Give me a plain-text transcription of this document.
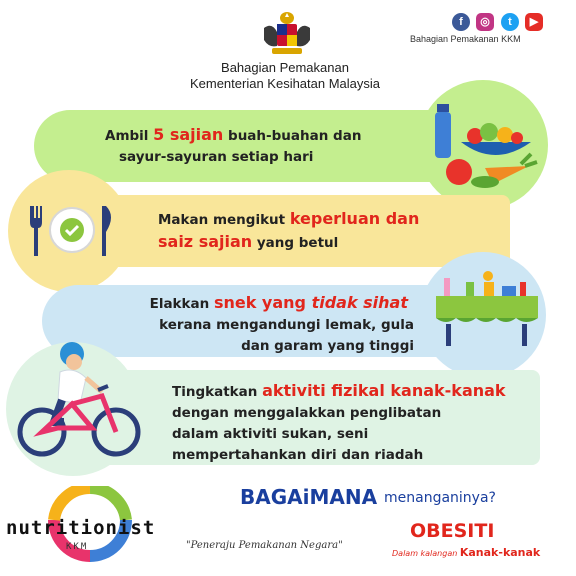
f	◎	t	▶
Bahagian Pemakanan KKM
Bahagian Pemakanan
Kementerian Kesihatan Malaysia
Ambil 5 sajian buah-buahan dan
sayur-sayuran setiap hari
Makan mengikut keperluan dan
saiz sajian yang betul
Elakkan snek yang tidak sihat
kerana mengandungi lemak, gula
dan garam yang tinggi
Tingkatkan aktiviti fizikal kanak-kanak
dengan menggalakkan penglibatan
dalam aktiviti sukan, seni
mempertahankan diri dan riadah
nutritionist
KKM	"Peneraju Pemakanan Negara"
BAGAiMANA menanganinya?
OBESITI
Dalam kalangan Kanak-kanak
